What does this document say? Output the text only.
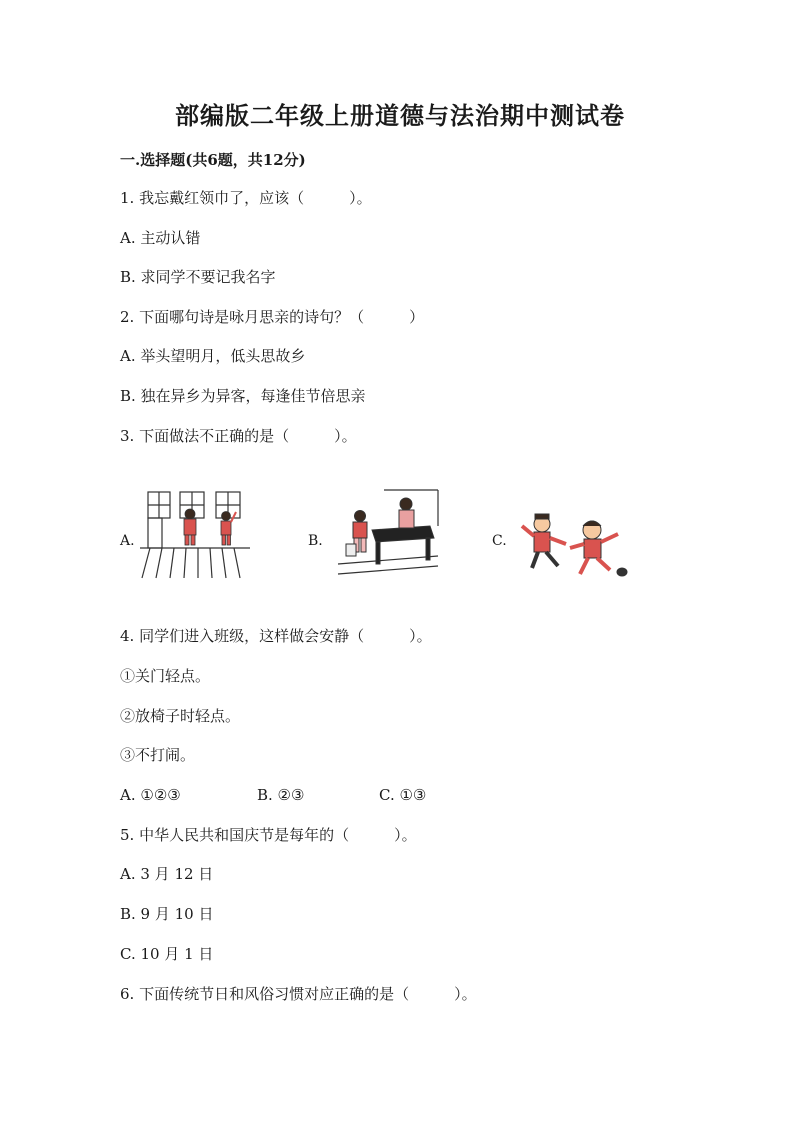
部编版二年级上册道德与法治期中测试卷
一.选择题(共6题，共12分)
1. 我忘戴红领巾了，应该（　　　）。
A. 主动认错
B. 求同学不要记我名字
2. 下面哪句诗是咏月思亲的诗句？（　　　）
A. 举头望明月，低头思故乡
B. 独在异乡为异客，每逢佳节倍思亲
3. 下面做法不正确的是（　　　）。
A.	B.	C.
4. 同学们进入班级，这样做会安静（　　　）。
①关门轻点。
②放椅子时轻点。
③不打闹。
A. ①②③	B. ②③	C. ①③
5. 中华人民共和国庆节是每年的（　　　）。
A. 3 月 12 日
B. 9 月 10 日
C. 10 月 1 日
6. 下面传统节日和风俗习惯对应正确的是（　　　）。
